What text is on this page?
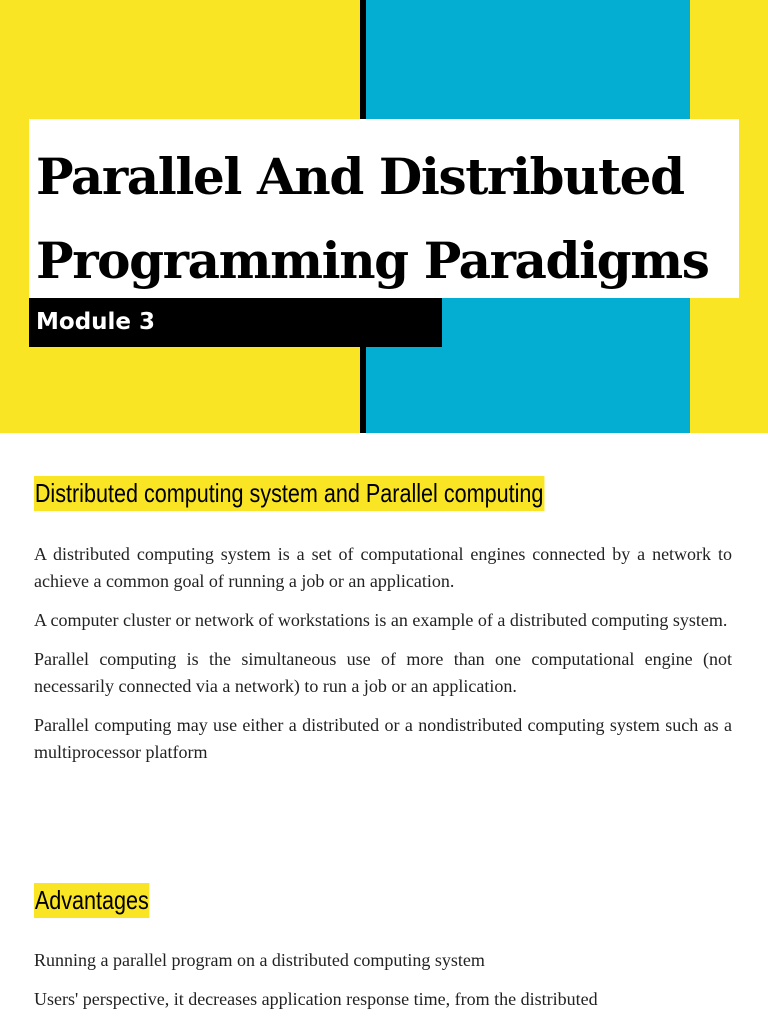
Parallel And Distributed
Programming Paradigms
Module 3
Distributed computing system and Parallel computing

A distributed computing system is a set of computational engines connected by a network to achieve a common goal of running a job or an application.

A computer cluster or network of workstations is an example of a distributed computing system.

Parallel computing is the simultaneous use of more than one computational engine (not necessarily connected via a network) to run a job or an application.

Parallel computing may use either a distributed or a nondistributed computing system such as a multiprocessor platform

Advantages

Running a parallel program on a distributed computing system

Users' perspective, it decreases application response time, from the distributed
